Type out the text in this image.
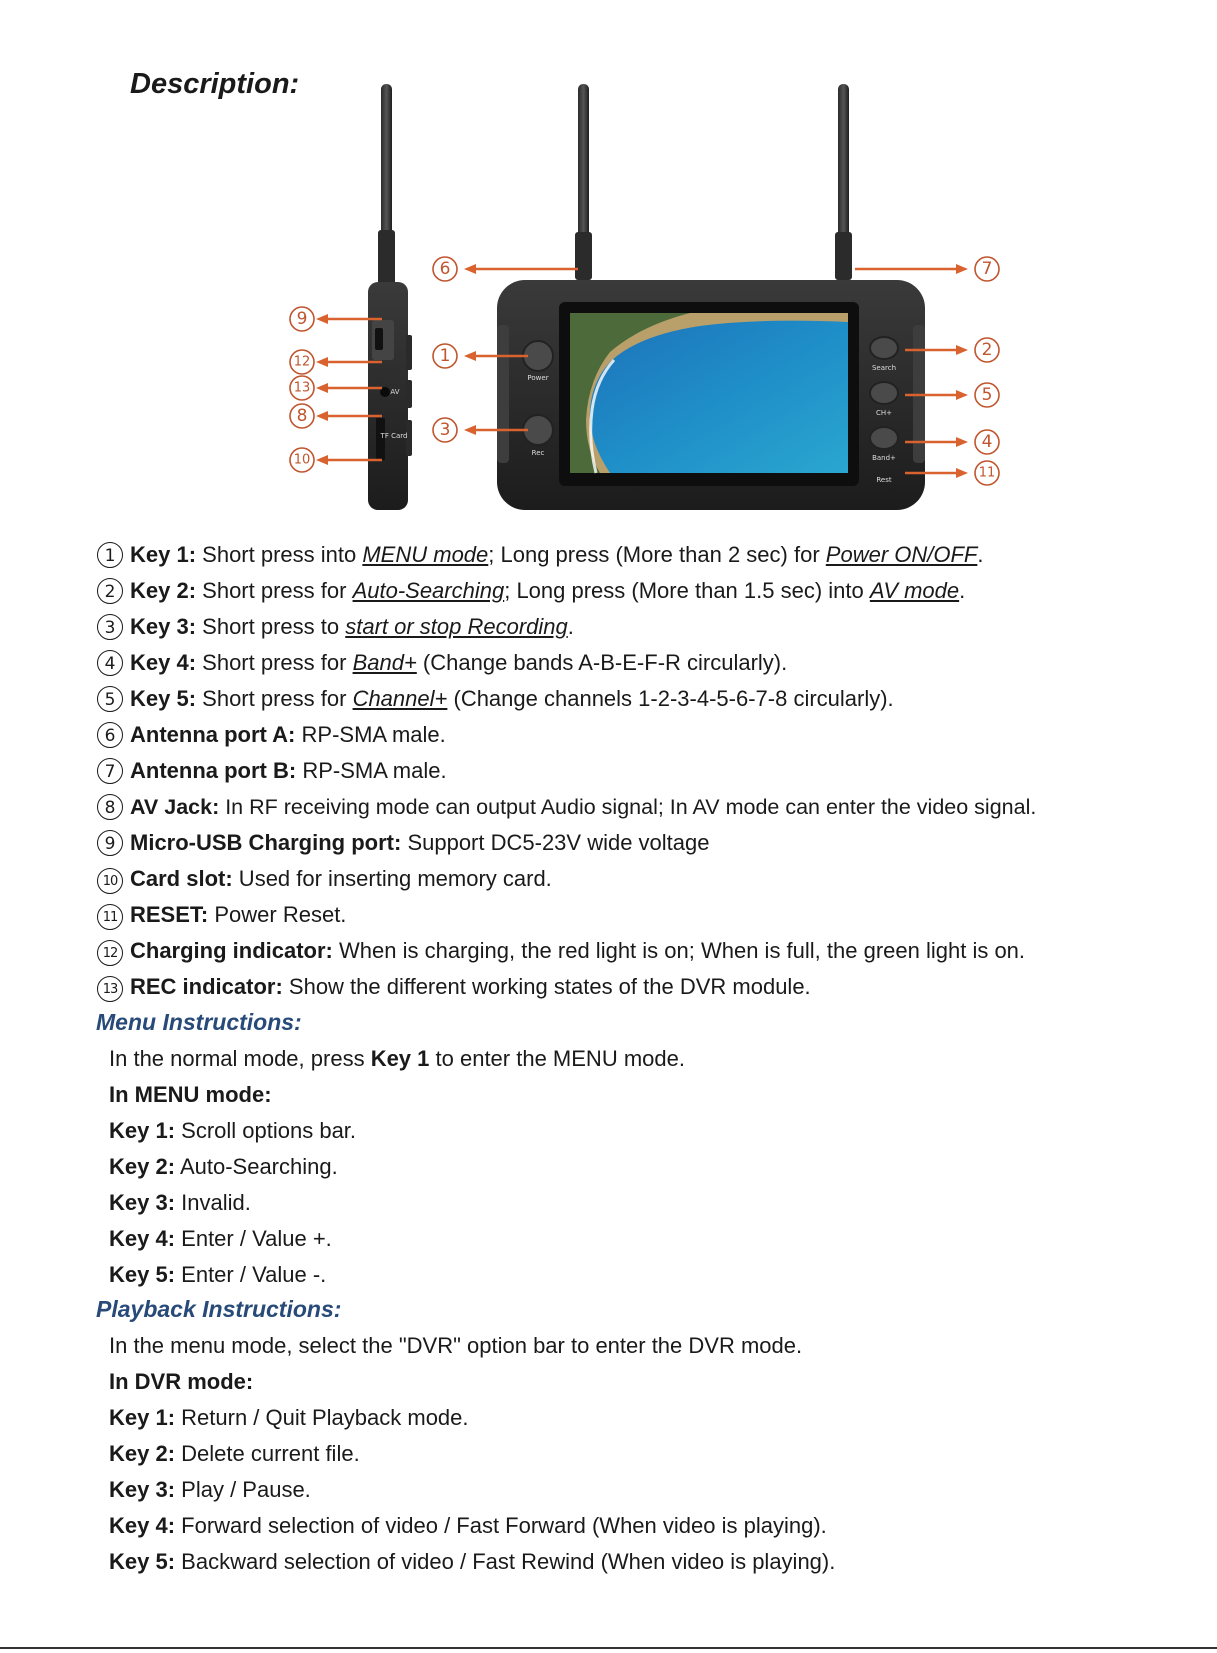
Description:
AV
TF Card
Power
Rec
Search
CH+
Band+
Rest
6	7
1
3
2
5
4
11
9
12
13
8
10
1 Key 1: Short press into MENU mode; Long press (More than 2 sec) for Power ON/OFF.
2 Key 2: Short press for Auto-Searching; Long press (More than 1.5 sec) into AV mode.
3 Key 3: Short press to start or stop Recording.
4 Key 4: Short press for Band+ (Change bands A-B-E-F-R circularly).
5 Key 5: Short press for Channel+ (Change channels 1-2-3-4-5-6-7-8 circularly).
6 Antenna port A: RP-SMA male.
7 Antenna port B: RP-SMA male.
8 AV Jack: In RF receiving mode can output Audio signal; In AV mode can enter the video signal.
9 Micro-USB Charging port: Support DC5-23V wide voltage
10 Card slot: Used for inserting memory card.
11 RESET: Power Reset.
12 Charging indicator: When is charging, the red light is on; When is full, the green light is on.
13 REC indicator: Show the different working states of the DVR module.
Menu Instructions:
In the normal mode, press Key 1 to enter the MENU mode.
In MENU mode:
Key 1: Scroll options bar.
Key 2: Auto-Searching.
Key 3: Invalid.
Key 4: Enter / Value +.
Key 5: Enter / Value -.
Playback Instructions:
In the menu mode, select the "DVR" option bar to enter the DVR mode.
In DVR mode:
Key 1: Return / Quit Playback mode.
Key 2: Delete current file.
Key 3: Play / Pause.
Key 4: Forward selection of video / Fast Forward (When video is playing).
Key 5: Backward selection of video / Fast Rewind (When video is playing).
